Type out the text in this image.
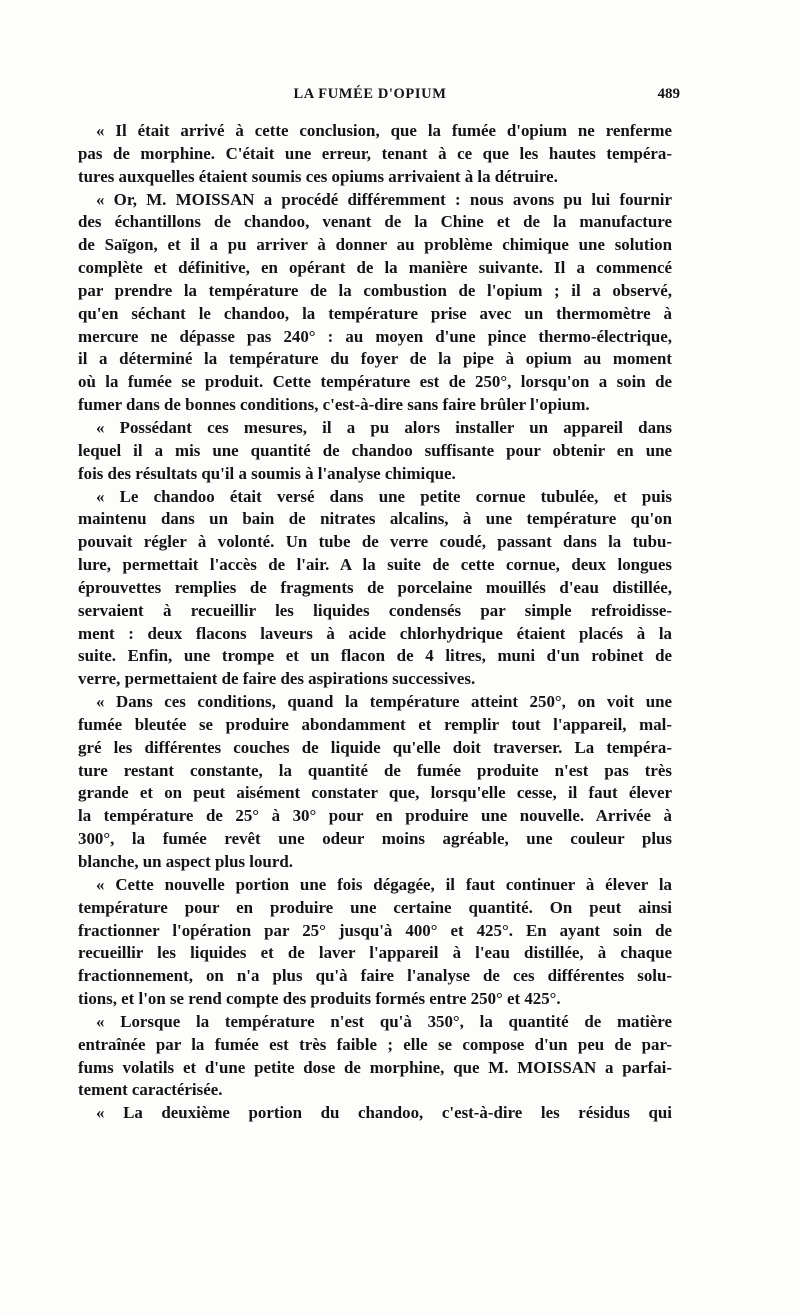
LA FUMÉE D'OPIUM	489
« Il était arrivé à cette conclusion, que la fumée d'opium ne renferme
pas de morphine. C'était une erreur, tenant à ce que les hautes tempéra-
tures auxquelles étaient soumis ces opiums arrivaient à la détruire.
« Or, M. MOISSAN a procédé différemment : nous avons pu lui fournir
des échantillons de chandoo, venant de la Chine et de la manufacture
de Saïgon, et il a pu arriver à donner au problème chimique une solution
complète et définitive, en opérant de la manière suivante. Il a commencé
par prendre la température de la combustion de l'opium ; il a observé,
qu'en séchant le chandoo, la température prise avec un thermomètre à
mercure ne dépasse pas 240° : au moyen d'une pince thermo-électrique,
il a déterminé la température du foyer de la pipe à opium au moment
où la fumée se produit. Cette température est de 250°, lorsqu'on a soin de
fumer dans de bonnes conditions, c'est-à-dire sans faire brûler l'opium.
« Possédant ces mesures, il a pu alors installer un appareil dans
lequel il a mis une quantité de chandoo suffisante pour obtenir en une
fois des résultats qu'il a soumis à l'analyse chimique.
« Le chandoo était versé dans une petite cornue tubulée, et puis
maintenu dans un bain de nitrates alcalins, à une température qu'on
pouvait régler à volonté. Un tube de verre coudé, passant dans la tubu-
lure, permettait l'accès de l'air. A la suite de cette cornue, deux longues
éprouvettes remplies de fragments de porcelaine mouillés d'eau distillée,
servaient à recueillir les liquides condensés par simple refroidisse-
ment : deux flacons laveurs à acide chlorhydrique étaient placés à la
suite. Enfin, une trompe et un flacon de 4 litres, muni d'un robinet de
verre, permettaient de faire des aspirations successives.
« Dans ces conditions, quand la température atteint 250°, on voit une
fumée bleutée se produire abondamment et remplir tout l'appareil, mal-
gré les différentes couches de liquide qu'elle doit traverser. La tempéra-
ture restant constante, la quantité de fumée produite n'est pas très
grande et on peut aisément constater que, lorsqu'elle cesse, il faut élever
la température de 25° à 30° pour en produire une nouvelle. Arrivée à
300°, la fumée revêt une odeur moins agréable, une couleur plus
blanche, un aspect plus lourd.
« Cette nouvelle portion une fois dégagée, il faut continuer à élever la
température pour en produire une certaine quantité. On peut ainsi
fractionner l'opération par 25° jusqu'à 400° et 425°. En ayant soin de
recueillir les liquides et de laver l'appareil à l'eau distillée, à chaque
fractionnement, on n'a plus qu'à faire l'analyse de ces différentes solu-
tions, et l'on se rend compte des produits formés entre 250° et 425°.
« Lorsque la température n'est qu'à 350°, la quantité de matière
entraînée par la fumée est très faible ; elle se compose d'un peu de par-
fums volatils et d'une petite dose de morphine, que M. MOISSAN a parfai-
tement caractérisée.
« La deuxième portion du chandoo, c'est-à-dire les résidus qui
